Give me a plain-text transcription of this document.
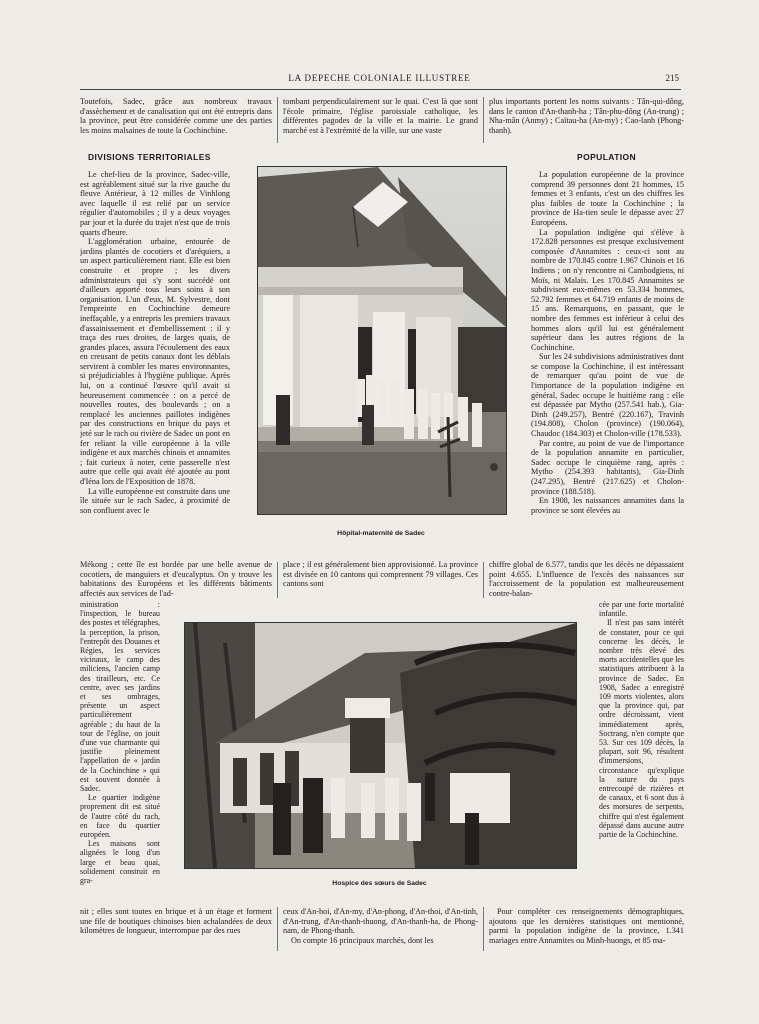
LA DEPECHE COLONIALE ILLUSTREE	215

Toutefois, Sadec, grâce aux nombreux travaux d'assèchement et de canalisation qui ont été entrepris dans la province, peut être considérée comme une des parties les moins malsaines de toute la Cochinchine.

tombant perpendiculairement sur le quai. C'est là que sont l'école primaire, l'église paroissiale catholique, les différentes pagodes de la ville et la mairie. Le grand marché est à l'extrémité de la ville, sur une vaste

plus importants portent les noms suivants : Tân-qui-dông, dans le canton d'An-thanh-ha ; Tân-phu-dông (An-trung) ; Nha-mân (Anmy) ; Caïtau-ha (An-my) ; Cao-lanh (Phong-thanh).

DIVISIONS TERRITORIALES	POPULATION

Le chef-lieu de la province, Sadec-ville, est agréablement situé sur la rive gauche du fleuve Antérieur, à 12 milles de Vinhlong avec laquelle il est relié par un service régulier d'automobiles ; il y a deux voyages par jour et la durée du trajet n'est que de trois quarts d'heure.

L'agglomération urbaine, entourée de jardins plantés de cocotiers et d'aréquiers, a un aspect particulièrement riant. Elle est bien construite et propre ; les divers administrateurs qui s'y sont succédé ont d'ailleurs apporté tous leurs soins à son organisation. L'un d'eux, M. Sylvestre, dont l'empreinte en Cochinchine demeure ineffaçable, y a entrepris les premiers travaux d'assainissement et d'embellissement : il y traça des rues droites, de larges quais, de grandes places, assura l'écoulement des eaux en creusant de petits canaux dont les déblais servirent à combler les mares environnantes, si préjudiciables à l'hygiène publique. Après lui, on a continué l'œuvre qu'il avait si heureusement commencée : on a percé de nouvelles routes, des boulevards ; on a remplacé les anciennes paillotes indigènes par des constructions en brique du pays et jeté sur le rach ou rivière de Sadec un pont en fer reliant la ville européenne à la ville indigène et aux marchés chinois et annamites ; fait curieux à noter, cette passerelle n'est autre que celle qui avait été ajoutée au pont d'Iéna lors de l'Exposition de 1878.

La ville européenne est construite dans une île située sur le rach Sadec, à proximité de son confluent avec le

Hôpital-maternité de Sadec

La population européenne de la province comprend 39 personnes dont 21 hommes, 15 femmes et 3 enfants, c'est un des chiffres les plus faibles de toute la Cochinchine ; la province de Ha-tien seule le dépasse avec 27 Européens.

La population indigène qui s'élève à 172.828 personnes est presque exclusivement composée d'Annamites : ceux-ci sont au nombre de 170.845 contre 1.967 Chinois et 16 Indiens ; on n'y rencontre ni Cambodgiens, ni Moïs, ni Malais. Les 170.845 Annamites se subdivisent eux-mêmes en 53.334 hommes, 52.792 femmes et 64.719 enfants de moins de 15 ans. Remarquons, en passant, que le nombre des femmes est inférieur à celui des hommes alors qu'il lui est généralement supérieur dans les autres régions de la Cochinchine.

Sur les 24 subdivisions administratives dont se compose la Cochinchine, il est intéressant de remarquer qu'au point de vue de l'importance de la population indigène en général, Sadec occupe le huitième rang : elle est dépassée par Mytho (257.541 hab.), Gia-Dinh (249.257), Bentré (220.167), Travinh (194.808), Cholon (province) (190.064), Chaudoc (184.303) et Cholon-ville (178.533).

Par contre, au point de vue de l'importance de la population annamite en particulier, Sadec occupe le cinquième rang, après : Mytho (254.393 habitants), Gia-Dinh (247.295), Bentré (217.625) et Cholon-province (188.518).

En 1908, les naissances annamites dans la province se sont élevées au

Mékong ; cette île est bordée par une belle avenue de cocotiers, de manguiers et d'eucalyptus. On y trouve les habitations des Européens et les différents bâtiments affectés aux services de l'ad-

place ; il est généralement bien approvisionné. La province est divisée en 10 cantons qui comprennent 79 villages. Ces cantons sont

chiffre global de 6.577, tandis que les décès ne dépassaient point 4.655. L'influence de l'excès des naissances sur l'accroissement de la population est malheureusement contre-balan-

Hospice des sœurs de Sadec

ministration : l'inspection, le bureau des postes et télégraphes, la perception, la prison, l'entrepôt des Douanes et Régies, les services vicinaux, le camp des miliciens, l'ancien camp des tirailleurs, etc. Ce centre, avec ses jardins et ses ombrages, présente un aspect particulièrement agréable ; du haut de la tour de l'église, on jouit d'une vue charmante qui justifie pleinement l'appellation de « jardin de la Cochinchine » qui est souvent donnée à Sadec.

Le quartier indigène proprement dit est situé de l'autre côté du rach, en face du quartier européen.

Les maisons sont alignées le long d'un large et beau quai, solidement construit en gra-

cée par une forte mortalité infantile.

Il n'est pas sans intérêt de constater, pour ce qui concerne les décès, le nombre très élevé des morts accidentelles que les statistiques attribuent à la province de Sadec. En 1908, Sadec a enregistré 109 morts violentes, alors que la province qui, par ordre décroissant, vient immédiatement après, Soctrang, n'en compte que 53. Sur ces 109 décès, la plupart, soit 96, résultent d'immersions, circonstance qu'explique la nature du pays entrecoupé de rizières et de canaux, et 6 sont dus à des morsures de serpents, chiffre qui n'est également dépassé dans aucune autre partie de la Cochinchine.

nit ; elles sont toutes en brique et à un étage et forment une file de boutiques chinoises bien achalandées de deux kilomètres de longueur, interrompue par des rues

ceux d'An-hoi, d'An-my, d'An-phong, d'An-thoi, d'An-tinh, d'An-trung, d'An-thanh-thuong, d'An-thanh-ha, de Phong-nam, de Phong-thanh.

On compte 16 principaux marchés, dont les

Pour compléter ces renseignements démographiques, ajoutons que les dernières statistiques ont mentionné, parmi la population indigène de la province, 1.341 mariages entre Annamites ou Minh-huongs, et 85 ma-
